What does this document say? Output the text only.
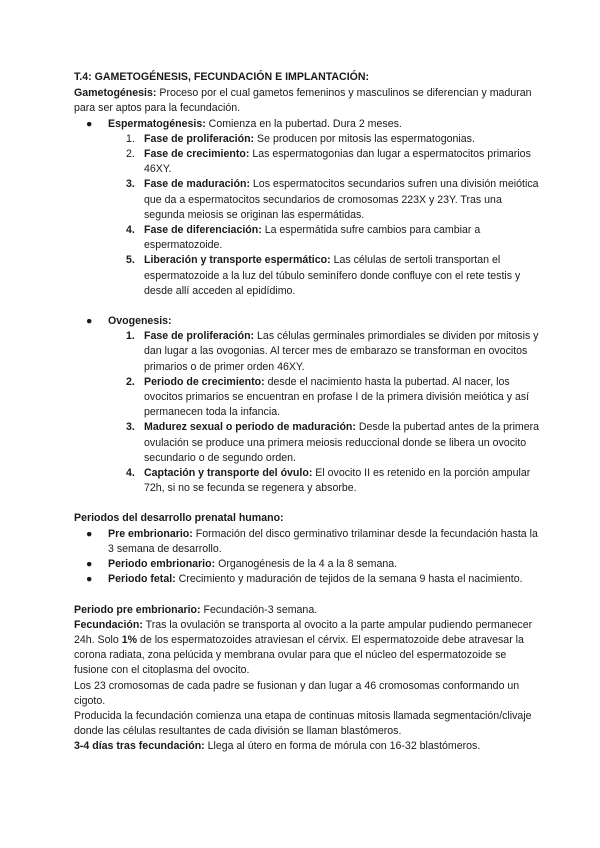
T.4: GAMETOGÉNESIS, FECUNDACIÓN E IMPLANTACIÓN:

Gametogénesis: Proceso por el cual gametos femeninos y masculinos se diferencian y maduran para ser aptos para la fecundación.

● Espermatogénesis: Comienza en la pubertad. Dura 2 meses.
1. Fase de proliferación: Se producen por mitosis las espermatogonias.
2. Fase de crecimiento: Las espermatogonias dan lugar a espermatocitos primarios 46XY.
3. Fase de maduración: Los espermatocitos secundarios sufren una división meiótica que da a espermatocitos secundarios de cromosomas 223X y 23Y. Tras una segunda meiosis se originan las espermátidas.
4. Fase de diferenciación: La espermátida sufre cambios para cambiar a espermatozoide.
5. Liberación y transporte espermático: Las células de sertoli transportan el espermatozoide a la luz del túbulo seminífero donde confluye con el rete testis y desde allí acceden al epidídimo.
● Ovogenesis:
1. Fase de proliferación: Las células germinales primordiales se dividen por mitosis y dan lugar a las ovogonias. Al tercer mes de embarazo se transforman en ovocitos primarios o de primer orden 46XY.
2. Periodo de crecimiento: desde el nacimiento hasta la pubertad. Al nacer, los ovocitos primarios se encuentran en profase I de la primera división meiótica y así permanecen toda la infancia.
3. Madurez sexual o periodo de maduración: Desde la pubertad antes de la primera ovulación se produce una primera meiosis reduccional donde se libera un ovocito secundario o de segundo orden.
4. Captación y transporte del óvulo: El ovocito II es retenido en la porción ampular 72h, si no se fecunda se regenera y absorbe.

Periodos del desarrollo prenatal humano:

● Pre embrionario: Formación del disco germinativo trilaminar desde la fecundación hasta la 3 semana de desarrollo.
● Periodo embrionario: Organogénesis de la 4 a la 8 semana.
● Periodo fetal: Crecimiento y maduración de tejidos de la semana 9 hasta el nacimiento.

Periodo pre embrionario: Fecundación-3 semana.

Fecundación: Tras la ovulación se transporta al ovocito a la parte ampular pudiendo permanecer 24h. Solo 1% de los espermatozoides atraviesan el cérvix. El espermatozoide debe atravesar la corona radiata, zona pelúcida y membrana ovular para que el núcleo del espermatozoide se fusione con el citoplasma del ovocito.

Los 23 cromosomas de cada padre se fusionan y dan lugar a 46 cromosomas conformando un cigoto.

Producida la fecundación comienza una etapa de continuas mitosis llamada segmentación/clivaje donde las células resultantes de cada división se llaman blastómeros.

3-4 días tras fecundación: Llega al útero en forma de mórula con 16-32 blastómeros.
